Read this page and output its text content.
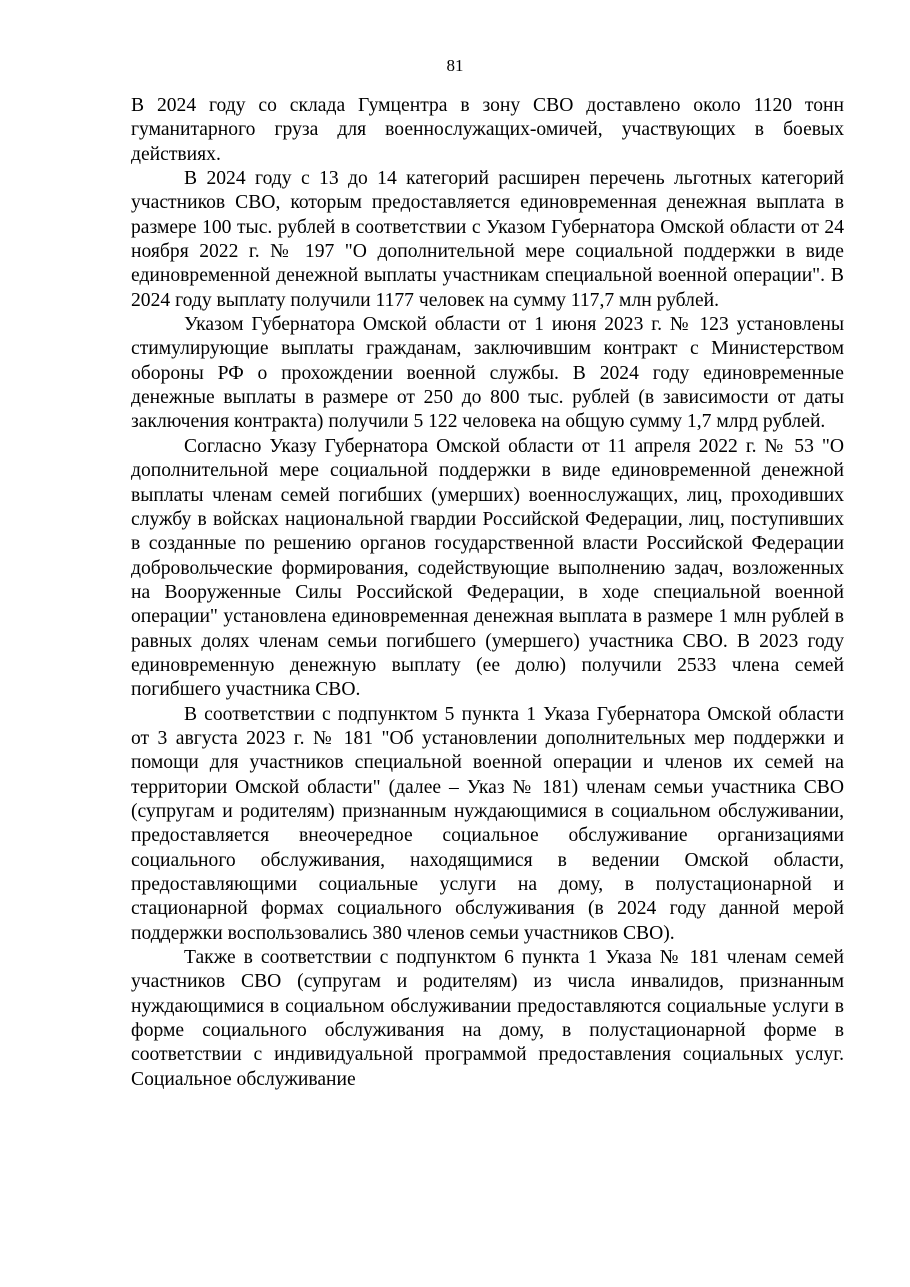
81

В 2024 году со склада Гумцентра в зону СВО доставлено около 1120 тонн гуманитарного груза для военнослужащих-омичей, участвующих в боевых действиях.

В 2024 году с 13 до 14 категорий расширен перечень льготных категорий участников СВО, которым предоставляется единовременная денежная выплата в размере 100 тыс. рублей в соответствии с Указом Губернатора Омской области от 24 ноября 2022 г. № 197 "О дополнительной мере социальной поддержки в виде единовременной денежной выплаты участникам специальной военной операции". В 2024 году выплату получили 1177 человек на сумму 117,7 млн рублей.

Указом Губернатора Омской области от 1 июня 2023 г. № 123 установлены стимулирующие выплаты гражданам, заключившим контракт с Министерством обороны РФ о прохождении военной службы. В 2024 году единовременные денежные выплаты в размере от 250 до 800 тыс. рублей (в зависимости от даты заключения контракта) получили 5 122 человека на общую сумму 1,7 млрд рублей.

Согласно Указу Губернатора Омской области от 11 апреля 2022 г. № 53 "О дополнительной мере социальной поддержки в виде единовременной денежной выплаты членам семей погибших (умерших) военнослужащих, лиц, проходивших службу в войсках национальной гвардии Российской Федерации, лиц, поступивших в созданные по решению органов государственной власти Российской Федерации добровольческие формирования, содействующие выполнению задач, возложенных на Вооруженные Силы Российской Федерации, в ходе специальной военной операции" установлена единовременная денежная выплата в размере 1 млн рублей в равных долях членам семьи погибшего (умершего) участника СВО. В 2023 году единовременную денежную выплату (ее долю) получили 2533 члена семей погибшего участника СВО.

В соответствии с подпунктом 5 пункта 1 Указа Губернатора Омской области от 3 августа 2023 г. № 181 "Об установлении дополнительных мер поддержки и помощи для участников специальной военной операции и членов их семей на территории Омской области" (далее – Указ № 181) членам семьи участника СВО (супругам и родителям) признанным нуждающимися в социальном обслуживании, предоставляется внеочередное социальное обслуживание организациями социального обслуживания, находящимися в ведении Омской области, предоставляющими социальные услуги на дому, в полустационарной и стационарной формах социального обслуживания (в 2024 году данной мерой поддержки воспользовались 380 членов семьи участников СВО).

Также в соответствии с подпунктом 6 пункта 1 Указа № 181 членам семей участников СВО (супругам и родителям) из числа инвалидов, признанным нуждающимися в социальном обслуживании предоставляются социальные услуги в форме социального обслуживания на дому, в полустационарной форме в соответствии с индивидуальной программой предоставления социальных услуг. Социальное обслуживание
